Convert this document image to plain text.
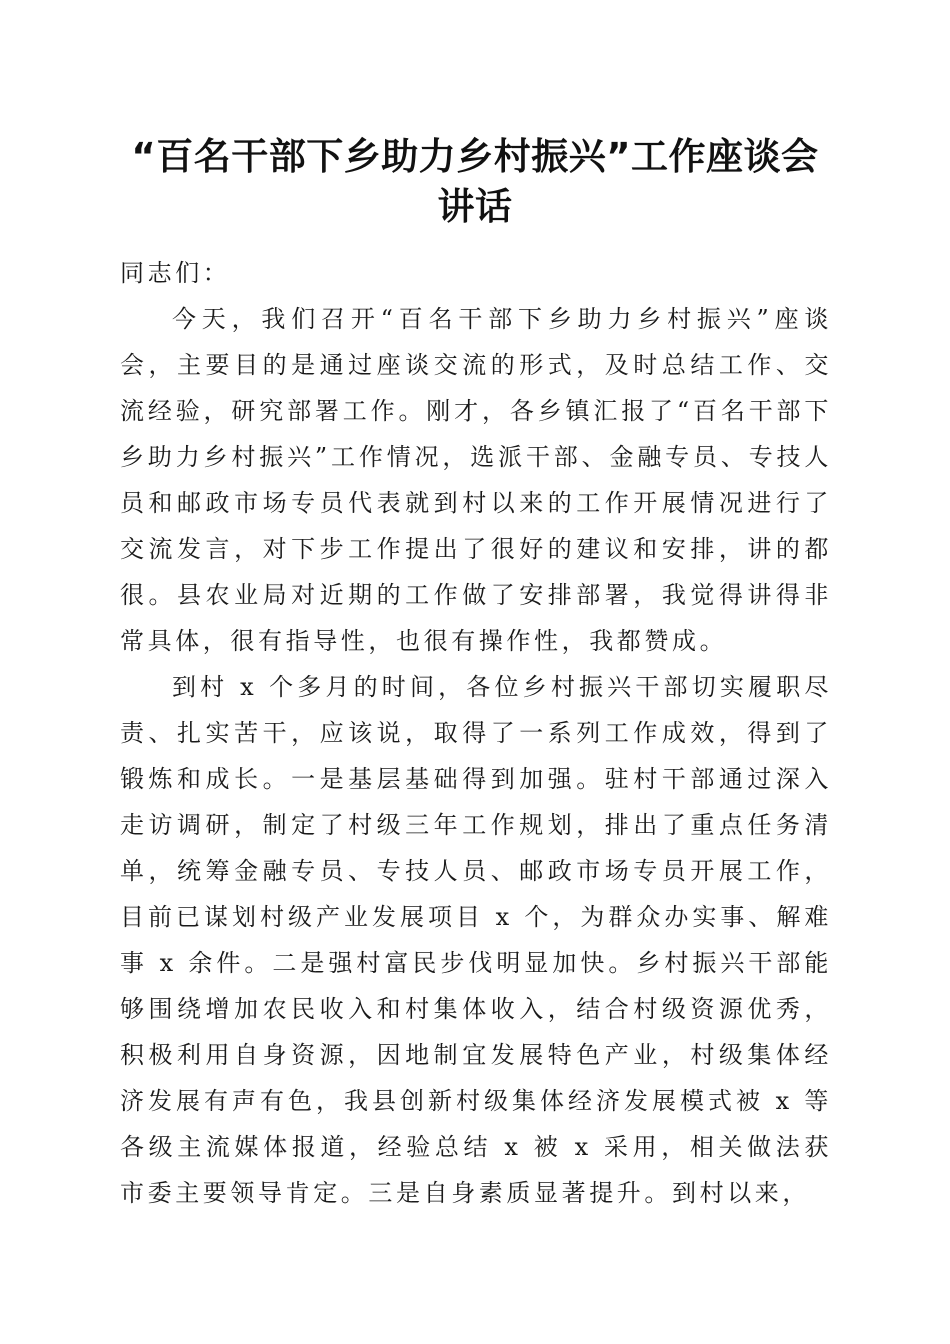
“百名干部下乡助力乡村振兴”工作座谈会讲话

同志们：

今天，我们召开“百名干部下乡助力乡村振兴”座谈会，主要目的是通过座谈交流的形式，及时总结工作、交流经验，研究部署工作。刚才，各乡镇汇报了“百名干部下乡助力乡村振兴”工作情况，选派干部、金融专员、专技人员和邮政市场专员代表就到村以来的工作开展情况进行了交流发言，对下步工作提出了很好的建议和安排，讲的都很。县农业局对近期的工作做了安排部署，我觉得讲得非常具体，很有指导性，也很有操作性，我都赞成。

到村 x 个多月的时间，各位乡村振兴干部切实履职尽责、扎实苦干，应该说，取得了一系列工作成效，得到了锻炼和成长。一是基层基础得到加强。驻村干部通过深入走访调研，制定了村级三年工作规划，排出了重点任务清单，统筹金融专员、专技人员、邮政市场专员开展工作，目前已谋划村级产业发展项目 x 个，为群众办实事、解难事 x 余件。二是强村富民步伐明显加快。乡村振兴干部能够围绕增加农民收入和村集体收入，结合村级资源优秀，积极利用自身资源，因地制宜发展特色产业，村级集体经济发展有声有色，我县创新村级集体经济发展模式被 x 等各级主流媒体报道，经验总结 x 被 x 采用，相关做法获市委主要领导肯定。三是自身素质显著提升。到村以来，
